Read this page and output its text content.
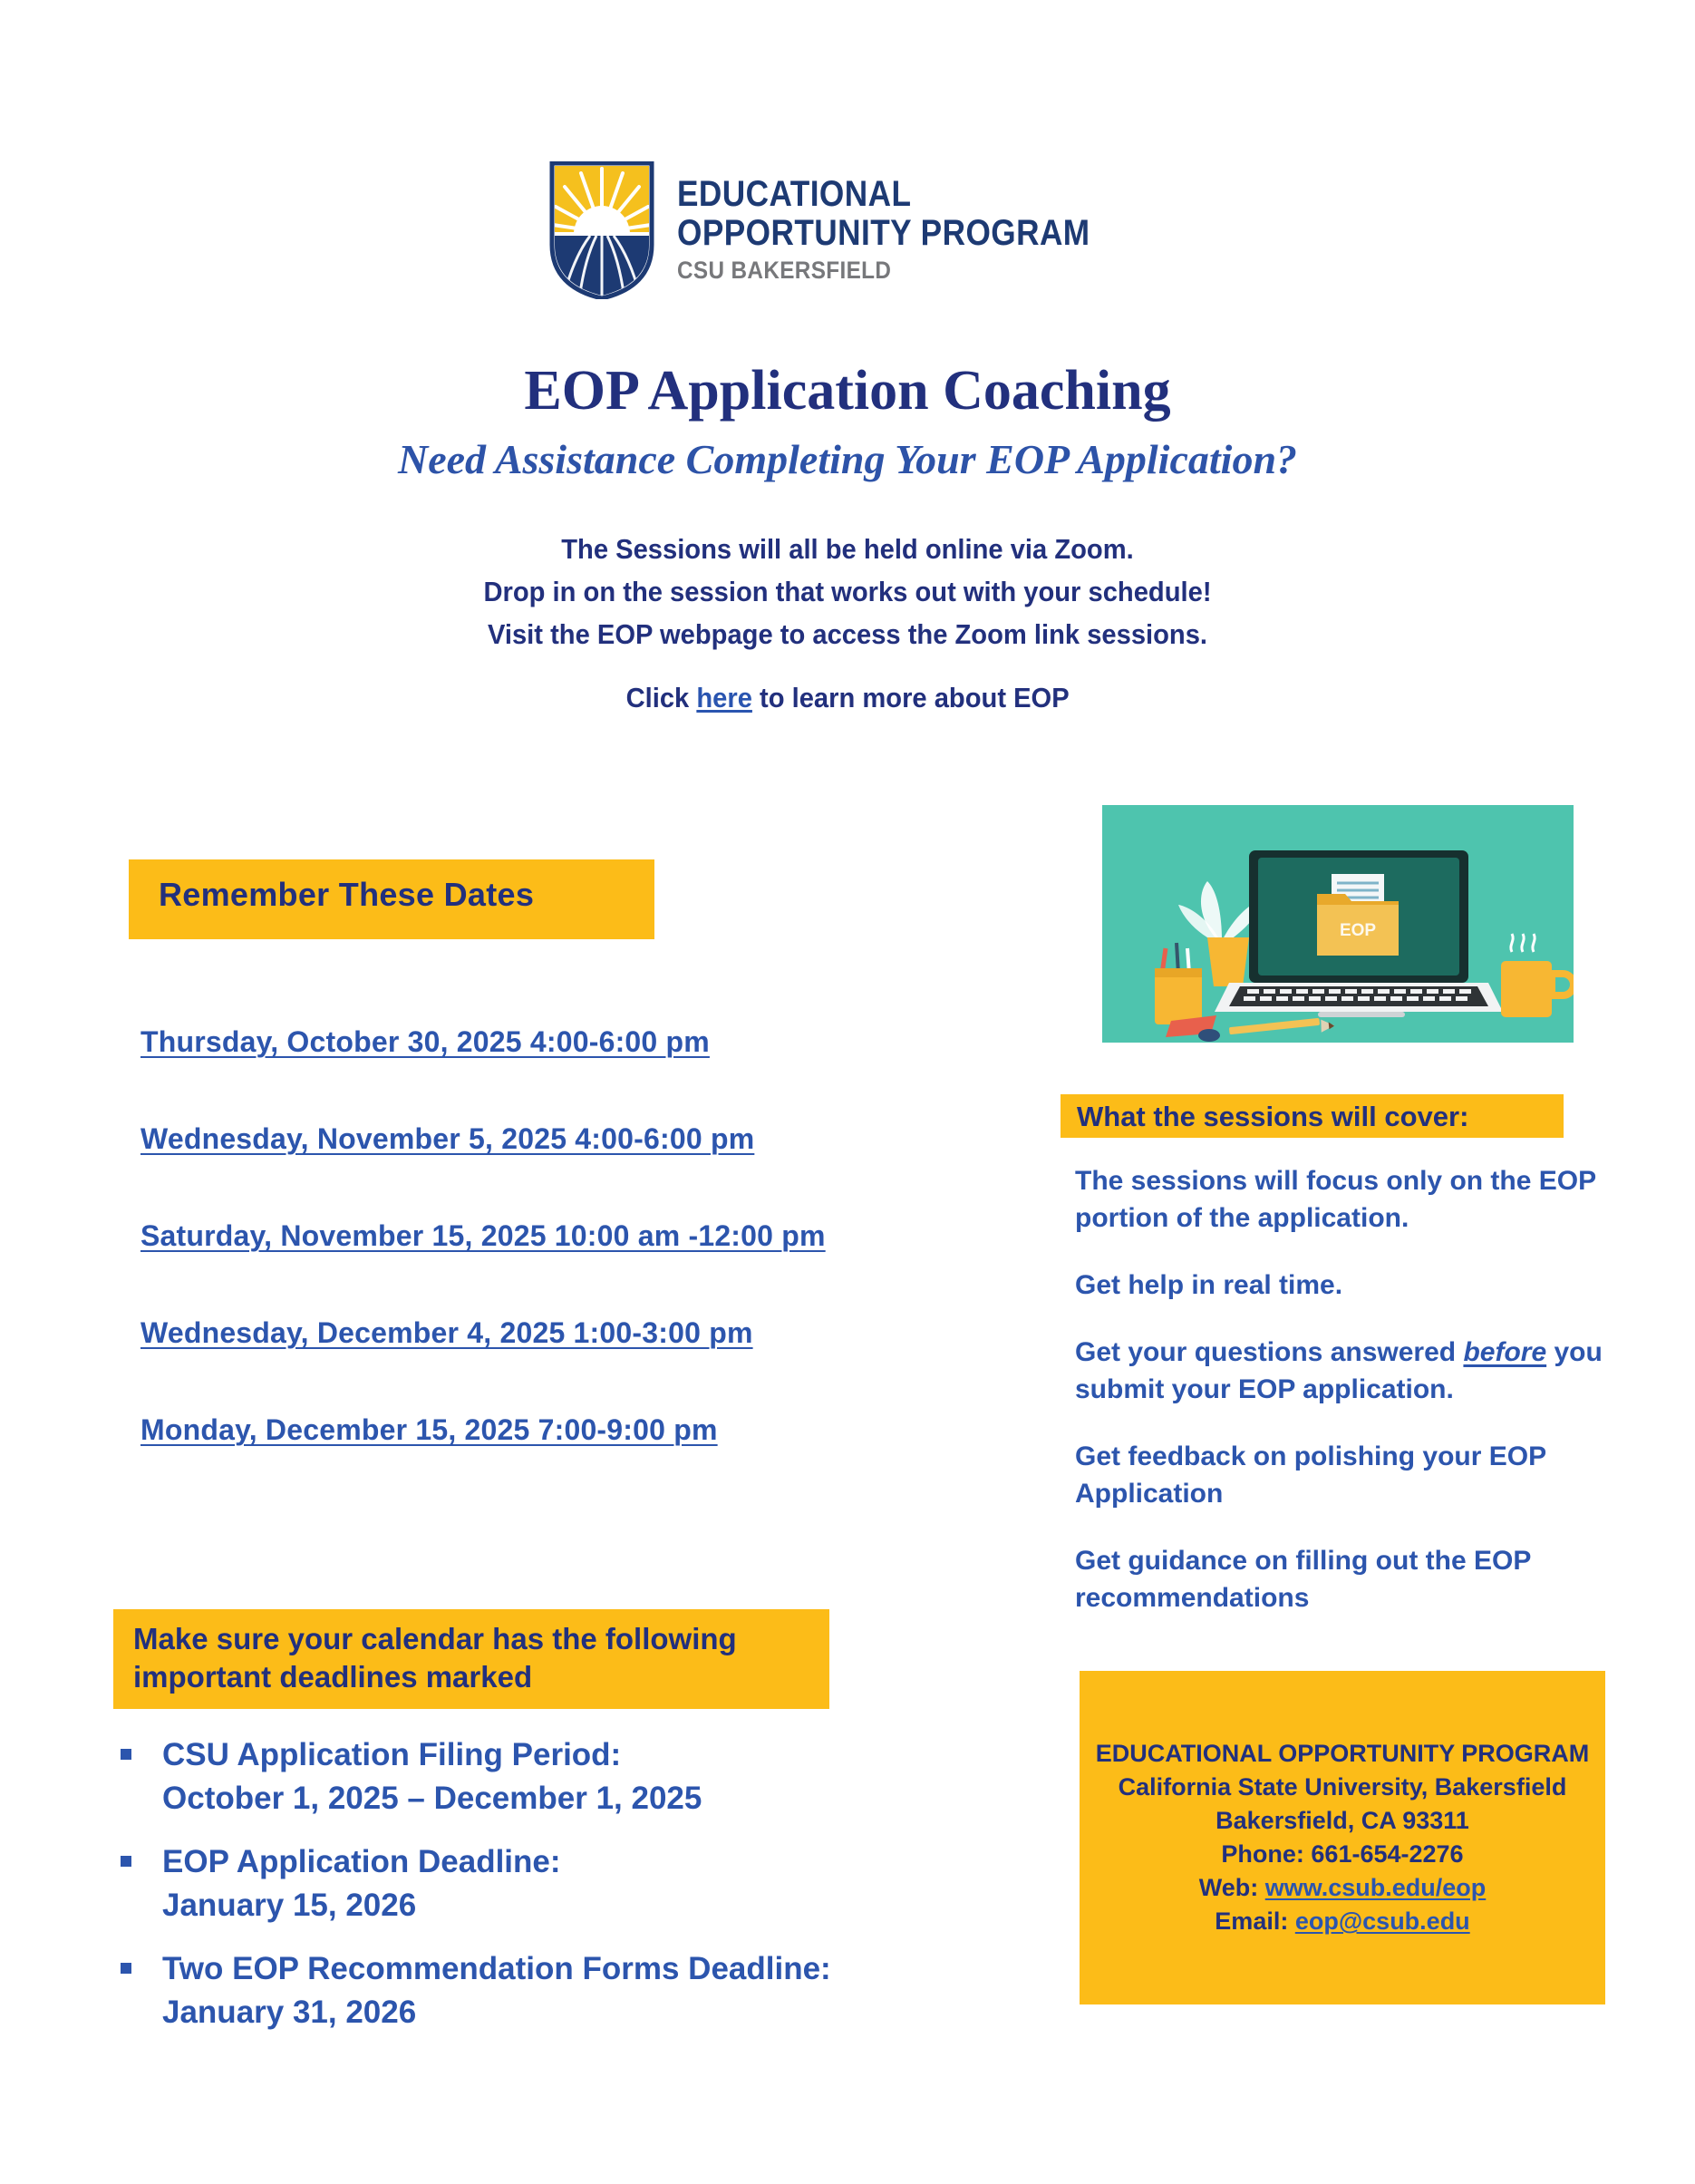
EDUCATIONAL
OPPORTUNITY PROGRAM
CSU BAKERSFIELD
EOP Application Coaching
Need Assistance Completing Your EOP Application?
The Sessions will all be held online via Zoom.
Drop in on the session that works out with your schedule!
Visit the EOP webpage to access the Zoom link sessions.
Click here to learn more about EOP
Remember These Dates
Thursday, October 30, 2025 4:00-6:00 pm
Wednesday, November 5, 2025 4:00-6:00 pm
Saturday, November 15, 2025 10:00 am -12:00 pm
Wednesday, December 4, 2025 1:00-3:00 pm
Monday, December 15, 2025 7:00-9:00 pm

Make sure your calendar has the following important deadlines marked
CSU Application Filing Period:
October 1, 2025 – December 1, 2025
EOP Application Deadline:
January 15, 2026
Two EOP Recommendation Forms Deadline:
January 31, 2026
EOP
What the sessions will cover:

The sessions will focus only on the EOP portion of the application.

Get help in real time.

Get your questions answered before you submit your EOP application.

Get feedback on polishing your EOP Application

Get guidance on filling out the EOP recommendations

EDUCATIONAL OPPORTUNITY PROGRAM
California State University, Bakersfield
Bakersfield, CA 93311
Phone: 661-654-2276
Web: www.csub.edu/eop
Email: eop@csub.edu
